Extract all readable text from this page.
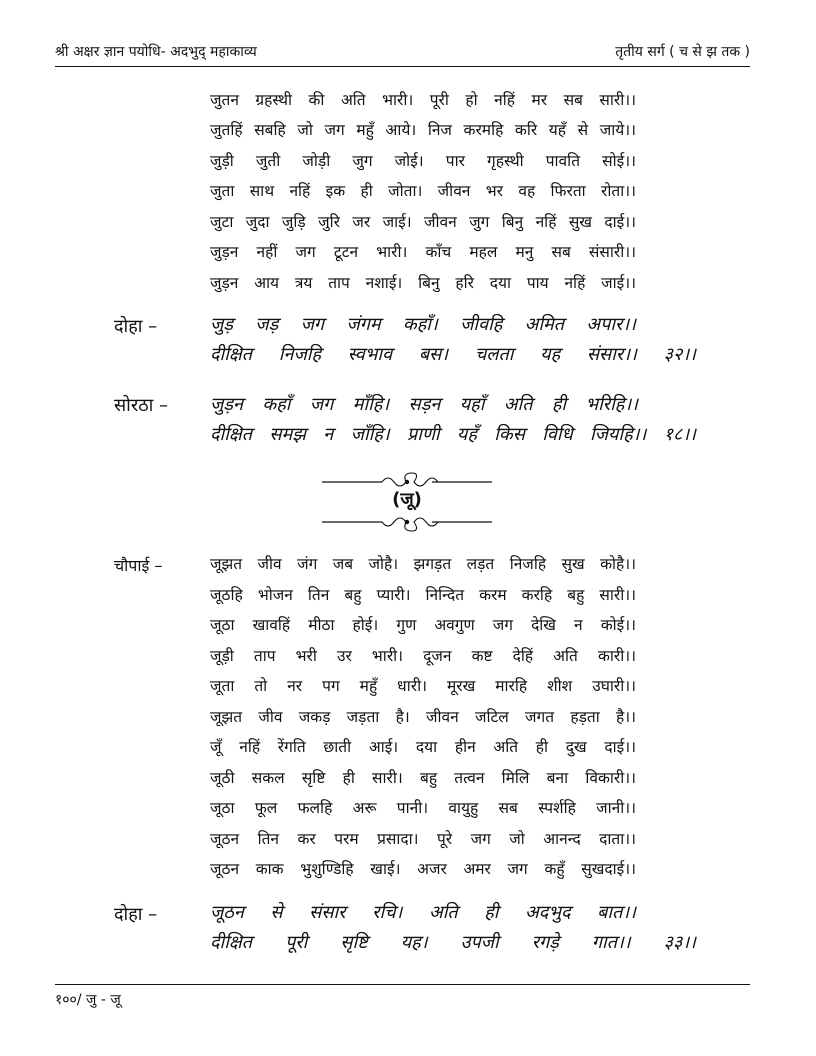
श्री अक्षर ज्ञान पयोधि- अदभुद् महाकाव्य	तृतीय सर्ग ( च से झ तक )
जुतन ग्रहस्थी की अति भारी। पूरी हो नहिं मर सब सारी।।
जुतहिं सबहि जो जग महुँ आये। निज करमहि करि यहँ से जाये।।
जुड़ी जुती जोड़ी जुग जोई। पार गृहस्थी पावति सोई।।
जुता साथ नहिं इक ही जोता। जीवन भर वह फिरता रोता।।
जुटा जुदा जुड़ि जुरि जर जाई। जीवन जुग बिनु नहिं सुख दाई।।
जुड़न नहीं जग टूटन भारी। काँच महल मनु सब संसारी।।
जुड़न आय त्रय ताप नशाई। बिनु हरि दया पाय नहिं जाई।।
दोहा –	जुड़ जड़ जग जंगम कहाँ। जीवहि अमित अपार।।
दीक्षित निजहि स्वभाव बस। चलता यह संसार।। ३२।।
सोरठा – जुड़न कहाँ जग माँहि। सड़न यहाँ अति ही भरिहि।।
दीक्षित समझ न जाँहि। प्राणी यहँ किस विधि जियहि।। १८।।
(जू)
चौपाई –	जूझत जीव जंग जब जोहै। झगड़त लड़त निजहि सुख कोहै।।
जूठहि भोजन तिन बहु प्यारी। निन्दित करम करहि बहु सारी।।
जूठा खावहिं मीठा होई। गुण अवगुण जग देखि न कोई।।
जूड़ी ताप भरी उर भारी। दूजन कष्ट देहिं अति कारी।।
जूता तो नर पग महुँ धारी। मूरख मारहि शीश उघारी।।
जूझत जीव जकड़ जड़ता है। जीवन जटिल जगत हड़ता है।।
जूँ नहिं रेंगति छाती आई। दया हीन अति ही दुख दाई।।
जूठी सकल सृष्टि ही सारी। बहु तत्वन मिलि बना विकारी।।
जूठा फूल फलहि अरू पानी। वायुहु सब स्पर्शहि जानी।।
जूठन तिन कर परम प्रसादा। पूरे जग जो आनन्द दाता।।
जूठन काक भुशुण्डिहि खाई। अजर अमर जग कहुँ सुखदाई।।
दोहा –	जूठन से संसार रचि। अति ही अदभुद बात।।
दीक्षित पूरी सृष्टि यह। उपजी रगड़े गात।। ३३।।
१००/ जु - जू
